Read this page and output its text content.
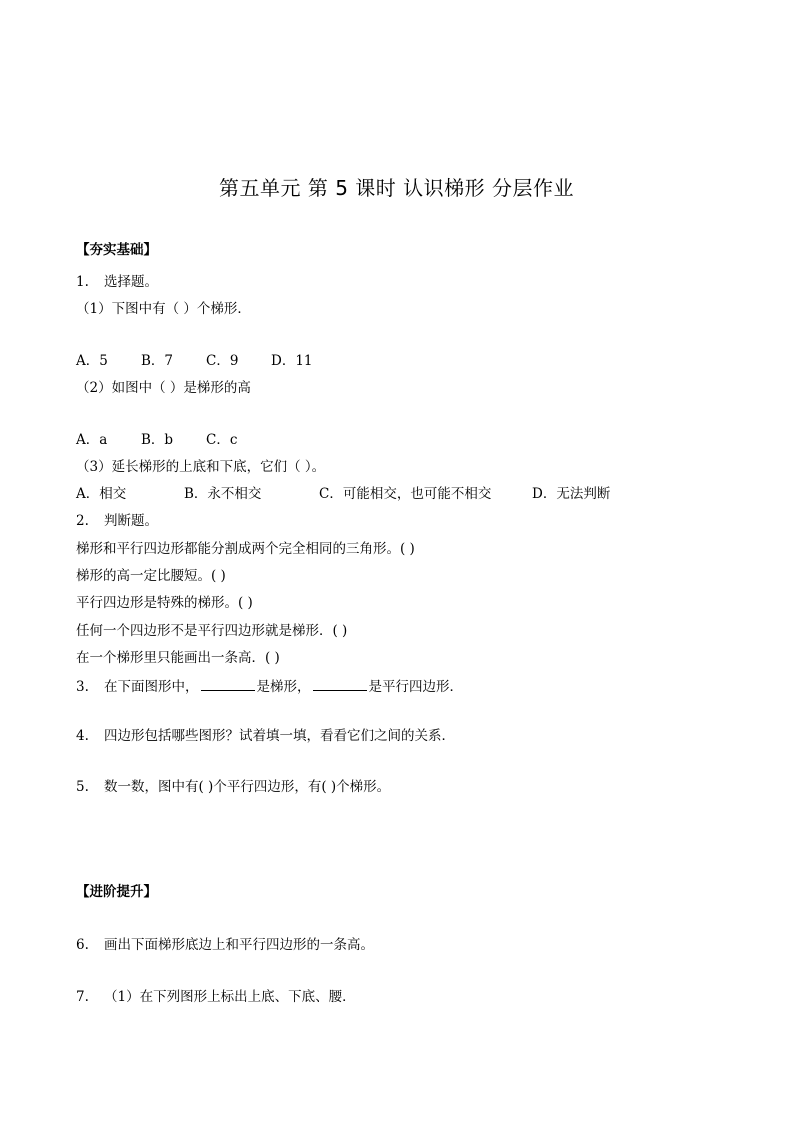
第五单元 第 5 课时 认识梯形 分层作业
【夯实基础】
1. 选择题。
（1）下图中有（ ）个梯形．
A．5 B．7 C．9 D．11
（2）如图中（ ）是梯形的高
A．a B．b C．c
（3）延长梯形的上底和下底，它们（ ）。
A．相交	B．永不相交	C．可能相交，也可能不相交	D．无法判断
2. 判断题。
梯形和平行四边形都能分割成两个完全相同的三角形。( )
梯形的高一定比腰短。( )
平行四边形是特殊的梯形。( )
任何一个四边形不是平行四边形就是梯形．( )
在一个梯形里只能画出一条高．( )
3. 在下面图形中，	是梯形，	是平行四边形．
4. 四边形包括哪些图形？试着填一填，看看它们之间的关系．
5. 数一数，图中有( )个平行四边形，有( )个梯形。
【进阶提升】
6. 画出下面梯形底边上和平行四边形的一条高。
7. （1）在下列图形上标出上底、下底、腰．
